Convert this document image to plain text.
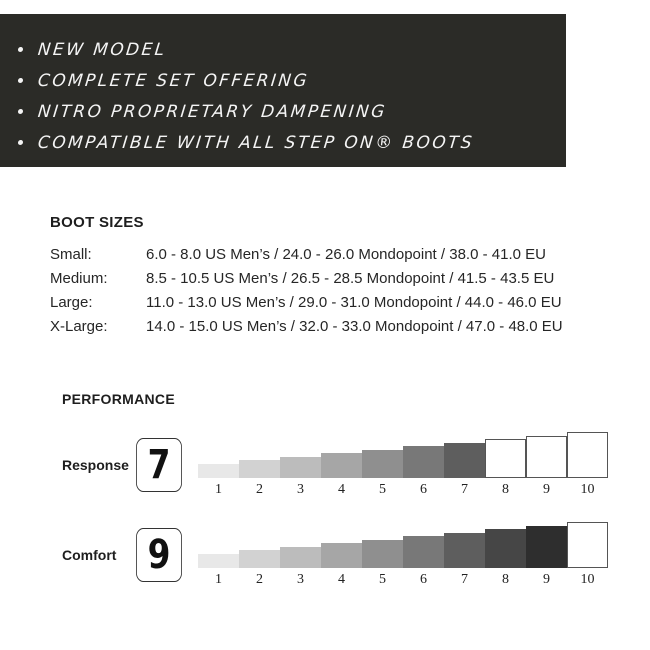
NEW MODEL
COMPLETE SET OFFERING
NITRO PROPRIETARY DAMPENING
COMPATIBLE WITH ALL STEP ON® BOOTS
BOOT SIZES
Small:	6.0 - 8.0 US Men’s / 24.0 - 26.0 Mondopoint / 38.0 - 41.0 EU
Medium:	8.5 - 10.5 US Men’s / 26.5 - 28.5 Mondopoint / 41.5 - 43.5 EU
Large:	11.0 - 13.0 US Men’s / 29.0 - 31.0 Mondopoint / 44.0 - 46.0 EU
X-Large:	14.0 - 15.0 US Men’s / 32.0 - 33.0 Mondopoint / 47.0 - 48.0 EU
PERFORMANCE
Response 7
1	2	3	4	5	6	7	8	9	10
Comfort 9
1	2	3	4	5	6	7	8	9	10
